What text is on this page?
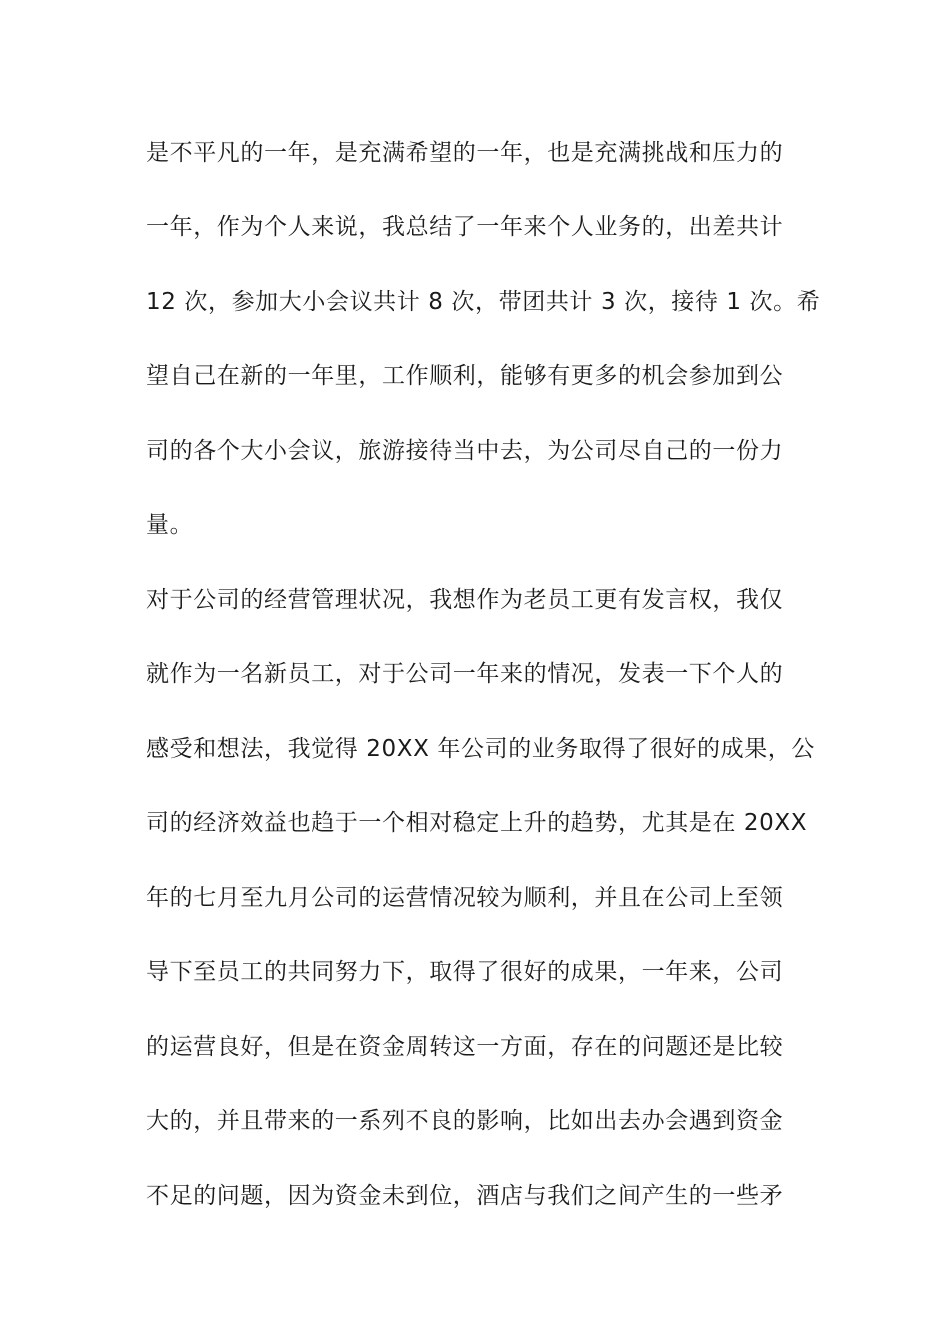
是不平凡的一年，是充满希望的一年，也是充满挑战和压力的
一年，作为个人来说，我总结了一年来个人业务的，出差共计
12 次，参加大小会议共计 8 次，带团共计 3 次，接待 1 次。希
望自己在新的一年里，工作顺利，能够有更多的机会参加到公
司的各个大小会议，旅游接待当中去，为公司尽自己的一份力
量。
对于公司的经营管理状况，我想作为老员工更有发言权，我仅
就作为一名新员工，对于公司一年来的情况，发表一下个人的
感受和想法，我觉得 20XX 年公司的业务取得了很好的成果，公
司的经济效益也趋于一个相对稳定上升的趋势，尤其是在 20XX
年的七月至九月公司的运营情况较为顺利，并且在公司上至领
导下至员工的共同努力下，取得了很好的成果，一年来，公司
的运营良好，但是在资金周转这一方面，存在的问题还是比较
大的，并且带来的一系列不良的影响，比如出去办会遇到资金
不足的问题，因为资金未到位，酒店与我们之间产生的一些矛
